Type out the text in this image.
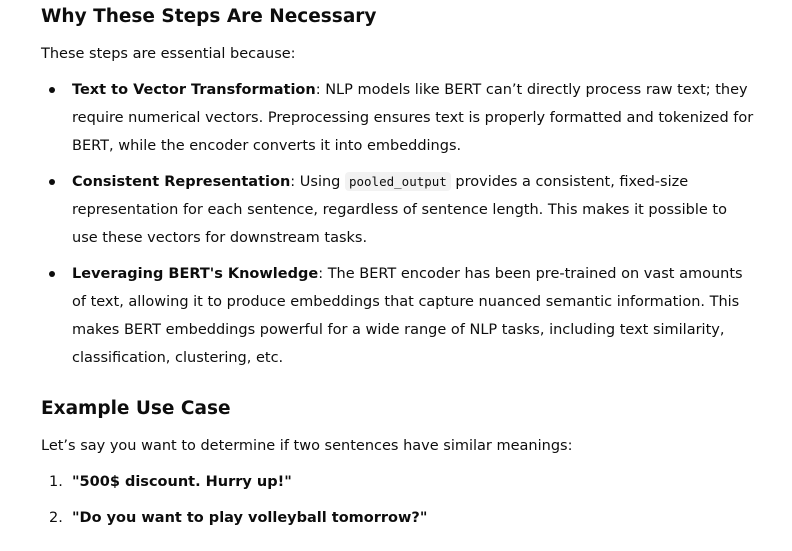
Why These Steps Are Necessary

These steps are essential because:

Text to Vector Transformation: NLP models like BERT can’t directly process raw text; they require numerical vectors. Preprocessing ensures text is properly formatted and tokenized for BERT, while the encoder converts it into embeddings.
Consistent Representation: Using pooled_output provides a consistent, fixed-size representation for each sentence, regardless of sentence length. This makes it possible to use these vectors for downstream tasks.
Leveraging BERT's Knowledge: The BERT encoder has been pre-trained on vast amounts of text, allowing it to produce embeddings that capture nuanced semantic information. This makes BERT embeddings powerful for a wide range of NLP tasks, including text similarity, classification, clustering, etc.
Example Use Case

Let’s say you want to determine if two sentences have similar meanings:

1. "500$ discount. Hurry up!"
2. "Do you want to play volleyball tomorrow?"
